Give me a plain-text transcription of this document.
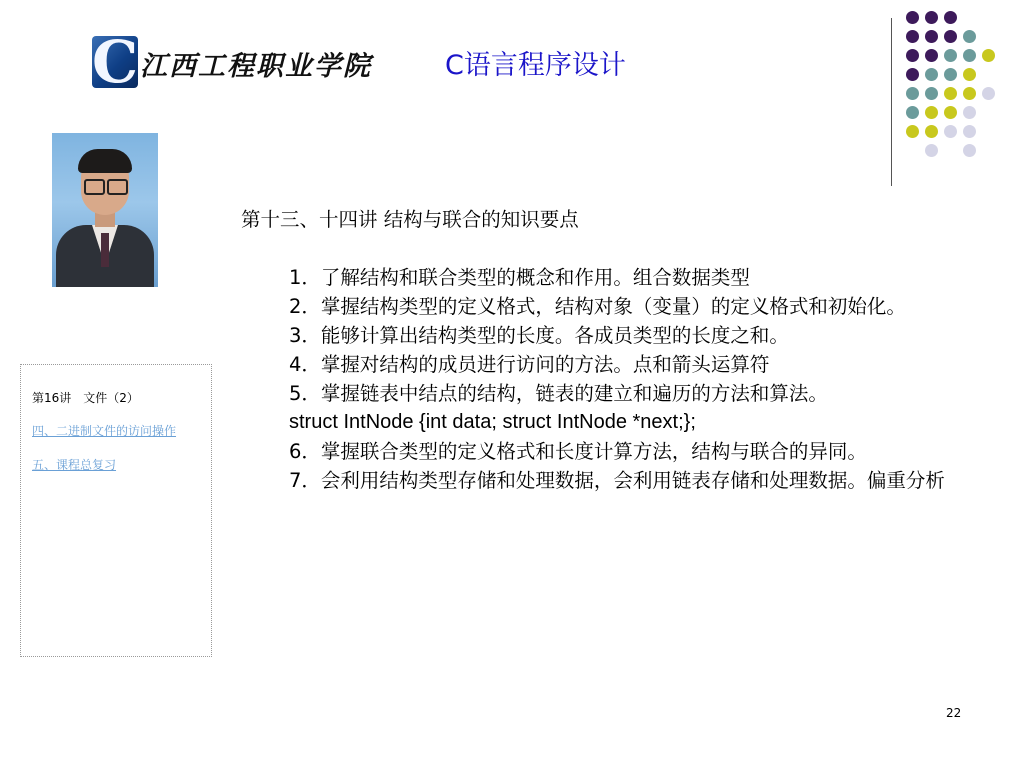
C 江西工程职业学院	C语言程序设计

第16讲　文件（2）

四、二进制文件的访问操作
五、课程总复习

第十三、十四讲 结构与联合的知识要点

1．了解结构和联合类型的概念和作用。组合数据类型

2．掌握结构类型的定义格式，结构对象（变量）的定义格式和初始化。

3．能够计算出结构类型的长度。各成员类型的长度之和。

4．掌握对结构的成员进行访问的方法。点和箭头运算符

5．掌握链表中结点的结构，链表的建立和遍历的方法和算法。

struct IntNode {int data; struct IntNode *next;};

6．掌握联合类型的定义格式和长度计算方法，结构与联合的异同。

7．会利用结构类型存储和处理数据，会利用链表存储和处理数据。偏重分析

22
